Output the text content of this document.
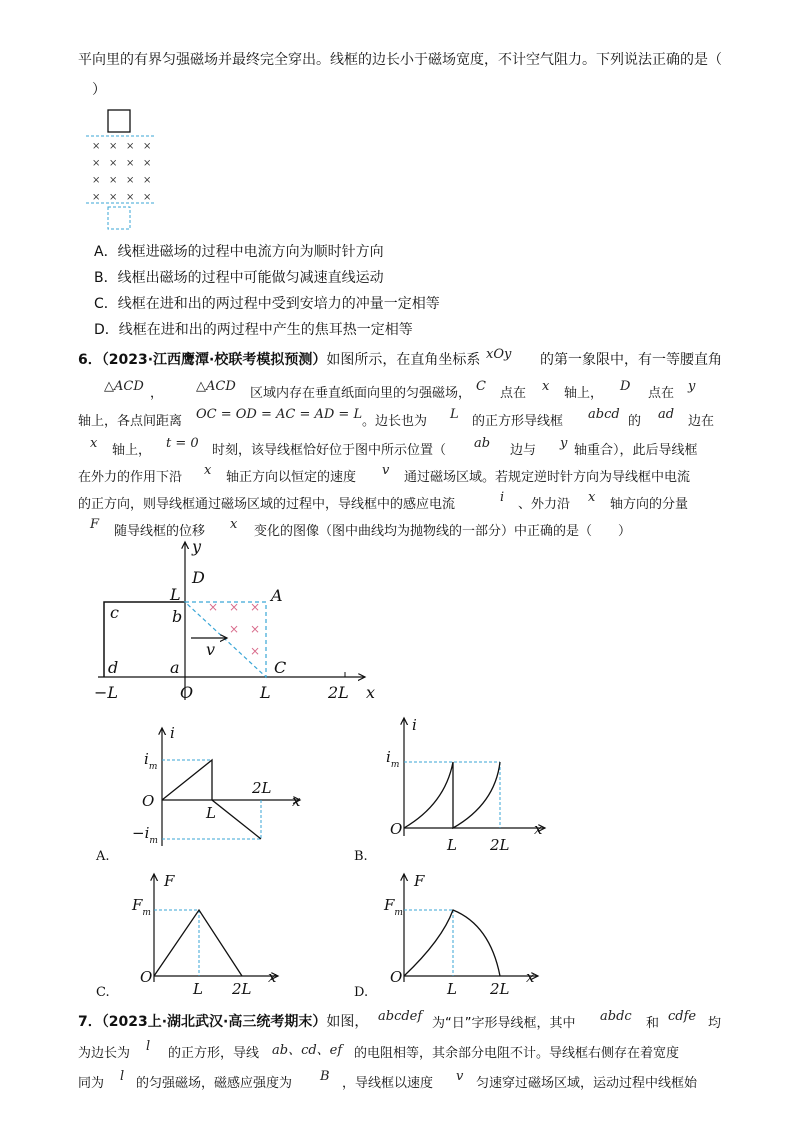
平向里的有界匀强磁场并最终完全穿出。线框的边长小于磁场宽度，不计空气阻力。下列说法正确的是（
）
× × × ×
× × × ×
× × × ×
× × × ×
A．线框进磁场的过程中电流方向为顺时针方向
B．线框出磁场的过程中可能做匀减速直线运动
C．线框在进和出的两过程中受到安培力的冲量一定相等
D．线框在进和出的两过程中产生的焦耳热一定相等
6．（2023·江西鹰潭·校联考模拟预测）如图所示，在直角坐标系 xOy 的第一象限中，有一等腰直角
△ACD ，	△ACD 区域内存在垂直纸面向里的匀强磁场， C 点在 x 轴上， D 点在 y
轴上，各点间距离 OC = OD = AC = AD = L 。边长也为 L 的正方形导线框 abcd 的 ad 边在
x 轴上， t = 0 时刻，该导线框恰好位于图中所示位置（ ab 边与 y 轴重合），此后导线框
在外力的作用下沿 x 轴正方向以恒定的速度 v 通过磁场区域。若规定逆时针方向为导线框中电流
的正方向，则导线框通过磁场区域的过程中，导线框中的感应电流	i 、外力沿 x 轴方向的分量
F 随导线框的位移 x 变化的图像（图中曲线均为抛物线的一部分）中正确的是（　　）
× × ×
× ×
×
y
x
D
L	A
c	b
v
d	a	C
−L	O	L	2L
i
x
$i_m$
$-i_m$
O
L
2L
A.
i
x
$i_m$
O
L 2L
B.
F
x
$F_m$
O
L 2L
C.
F
x
$F_m$
O
L 2L
D.
7．（2023上·湖北武汉·高三统考期末）如图， abcdef 为“日”字形导线框，其中 abdc 和 cdfe 均
为边长为 l 的正方形，导线 ab、cd、ef 的电阻相等，其余部分电阻不计。导线框右侧存在着宽度
同为 l 的匀强磁场，磁感应强度为 B ，导线框以速度 v 匀速穿过磁场区域，运动过程中线框始
